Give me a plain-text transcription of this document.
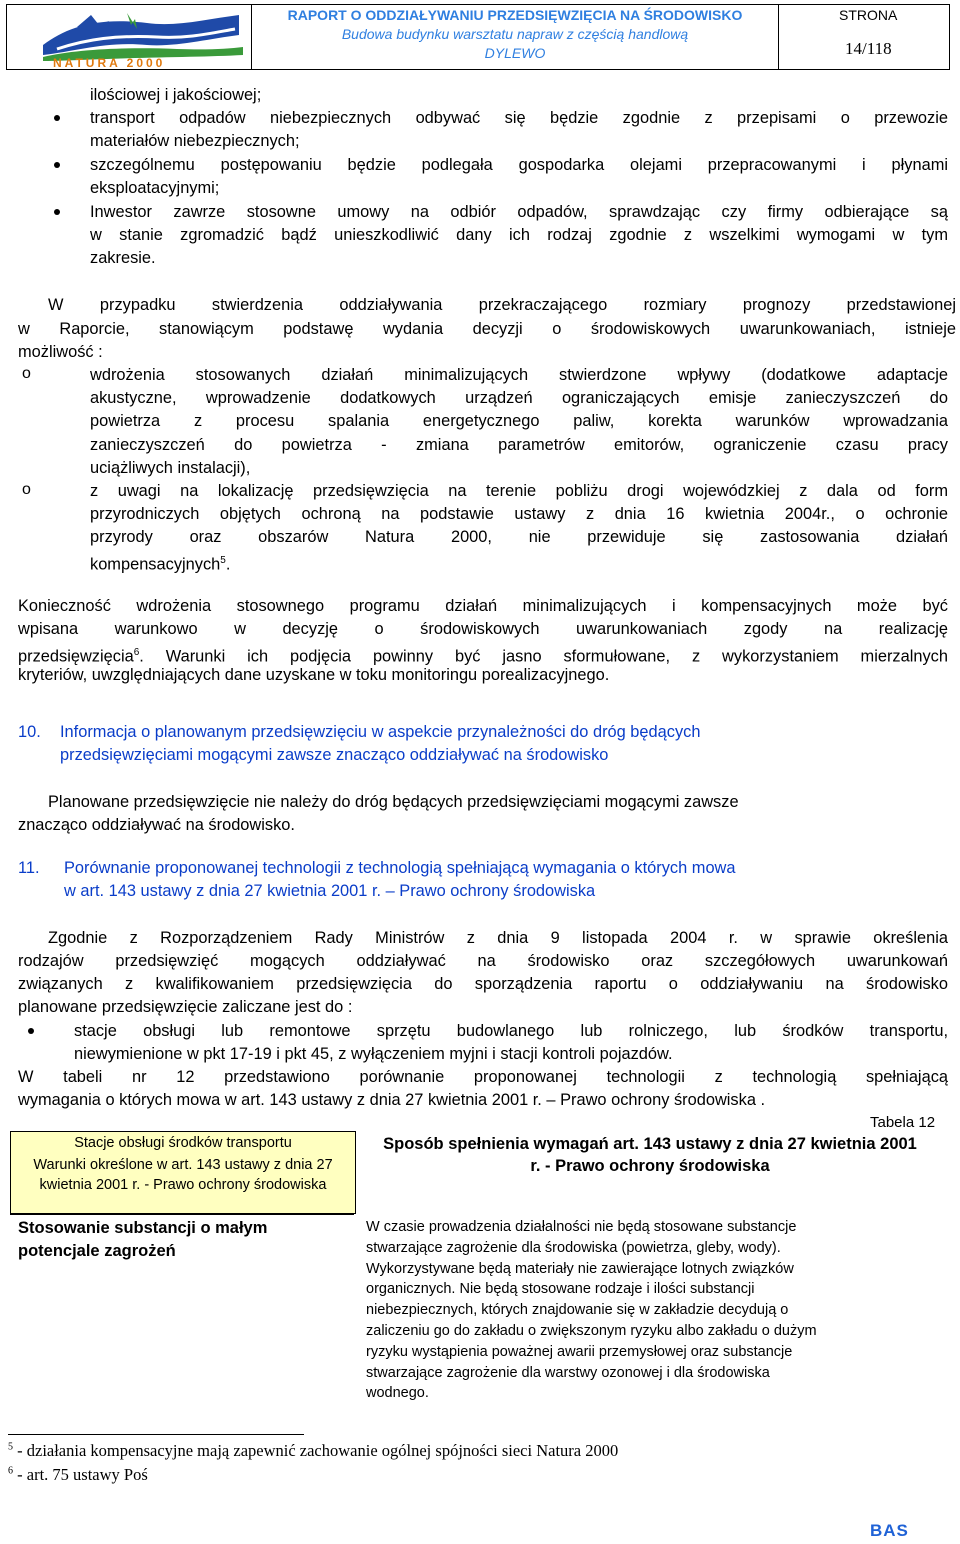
NATURA 2000
RAPORT O ODDZIAŁYWANIU PRZEDSIĘWZIĘCIA NA ŚRODOWISKO
Budowa budynku warsztatu napraw z częścią handlową
DYLEWO
STRONA
14/118
ilościowej i jakościowej;
transport odpadów niebezpiecznych odbywać się będzie zgodnie z przepisami o przewozie
materiałów niebezpiecznych;
szczególnemu postępowaniu będzie podlegała gospodarka olejami przepracowanymi i płynami
eksploatacyjnymi;
Inwestor zawrze stosowne umowy na odbiór odpadów, sprawdzając czy firmy odbierające są
w stanie zgromadzić bądź unieszkodliwić dany ich rodzaj zgodnie z wszelkimi wymogami w tym
zakresie.
W przypadku stwierdzenia oddziaływania przekraczającego rozmiary prognozy przedstawionej
w Raporcie, stanowiącym podstawę wydania decyzji o środowiskowych uwarunkowaniach, istnieje
możliwość :
o	wdrożenia stosowanych działań minimalizujących stwierdzone wpływy (dodatkowe adaptacje
akustyczne, wprowadzenie dodatkowych urządzeń ograniczających emisje zanieczyszczeń do
powietrza z procesu spalania energetycznego paliw, korekta warunków wprowadzania
zanieczyszczeń do powietrza - zmiana parametrów emitorów, ograniczenie czasu pracy
uciążliwych instalacji),
o	z uwagi na lokalizację przedsięwzięcia na terenie pobliżu drogi wojewódzkiej z dala od form
przyrodniczych objętych ochroną na podstawie ustawy z dnia 16 kwietnia 2004r., o ochronie
przyrody oraz obszarów Natura 2000, nie przewiduje się zastosowania działań
kompensacyjnych$^5$.
Konieczność wdrożenia stosownego programu działań minimalizujących i kompensacyjnych może być
wpisana warunkowo w decyzję o środowiskowych uwarunkowaniach zgody na realizację
przedsięwzięcia$^6$. Warunki ich podjęcia powinny być jasno sformułowane, z wykorzystaniem mierzalnych
kryteriów, uwzględniających dane uzyskane w toku monitoringu porealizacyjnego.
10. Informacja o planowanym przedsięwzięciu w aspekcie przynależności do dróg będących
przedsięwzięciami mogącymi zawsze znacząco oddziaływać na środowisko
Planowane przedsięwzięcie nie należy do dróg będących przedsięwzięciami mogącymi zawsze
znacząco oddziaływać na środowisko.
11. Porównanie proponowanej technologii z technologią spełniającą wymagania o których mowa
w art. 143 ustawy z dnia 27 kwietnia 2001 r. – Prawo ochrony środowiska
Zgodnie z Rozporządzeniem Rady Ministrów z dnia 9 listopada 2004 r. w sprawie określenia
rodzajów przedsięwzięć mogących oddziaływać na środowisko oraz szczegółowych uwarunkowań
związanych z kwalifikowaniem przedsięwzięcia do sporządzenia raportu o oddziaływaniu na środowisko
planowane przedsięwzięcie zaliczane jest do :
stacje obsługi lub remontowe sprzętu budowlanego lub rolniczego, lub środków transportu,
niewymienione w pkt 17-19 i pkt 45, z wyłączeniem myjni i stacji kontroli pojazdów.
W tabeli nr 12 przedstawiono porównanie proponowanej technologii z technologią spełniającą
wymagania o których mowa w art. 143 ustawy z dnia 27 kwietnia 2001 r. – Prawo ochrony środowiska .
Tabela 12
Stacje obsługi środków transportu
Warunki określone w art. 143 ustawy z dnia 27 kwietnia 2001 r. - Prawo ochrony środowiska
Sposób spełnienia wymagań art. 143 ustawy z dnia 27 kwietnia 2001 r. - Prawo ochrony środowiska
Stosowanie substancji o małym potencjale zagrożeń
W czasie prowadzenia działalności nie będą stosowane substancje
stwarzające zagrożenie dla środowiska (powietrza, gleby, wody).
Wykorzystywane będą materiały nie zawierające lotnych związków
organicznych. Nie będą stosowane rodzaje i ilości substancji
niebezpiecznych, których znajdowanie się w zakładzie decydują o
zaliczeniu go do zakładu o zwiększonym ryzyku albo zakładu o dużym
ryzyku wystąpienia poważnej awarii przemysłowej oraz substancje
stwarzające zagrożenie dla warstwy ozonowej i dla środowiska
wodnego.
$^5$ - działania kompensacyjne mają zapewnić zachowanie ogólnej spójności sieci Natura 2000
$^6$ - art. 75 ustawy Poś
BAS
